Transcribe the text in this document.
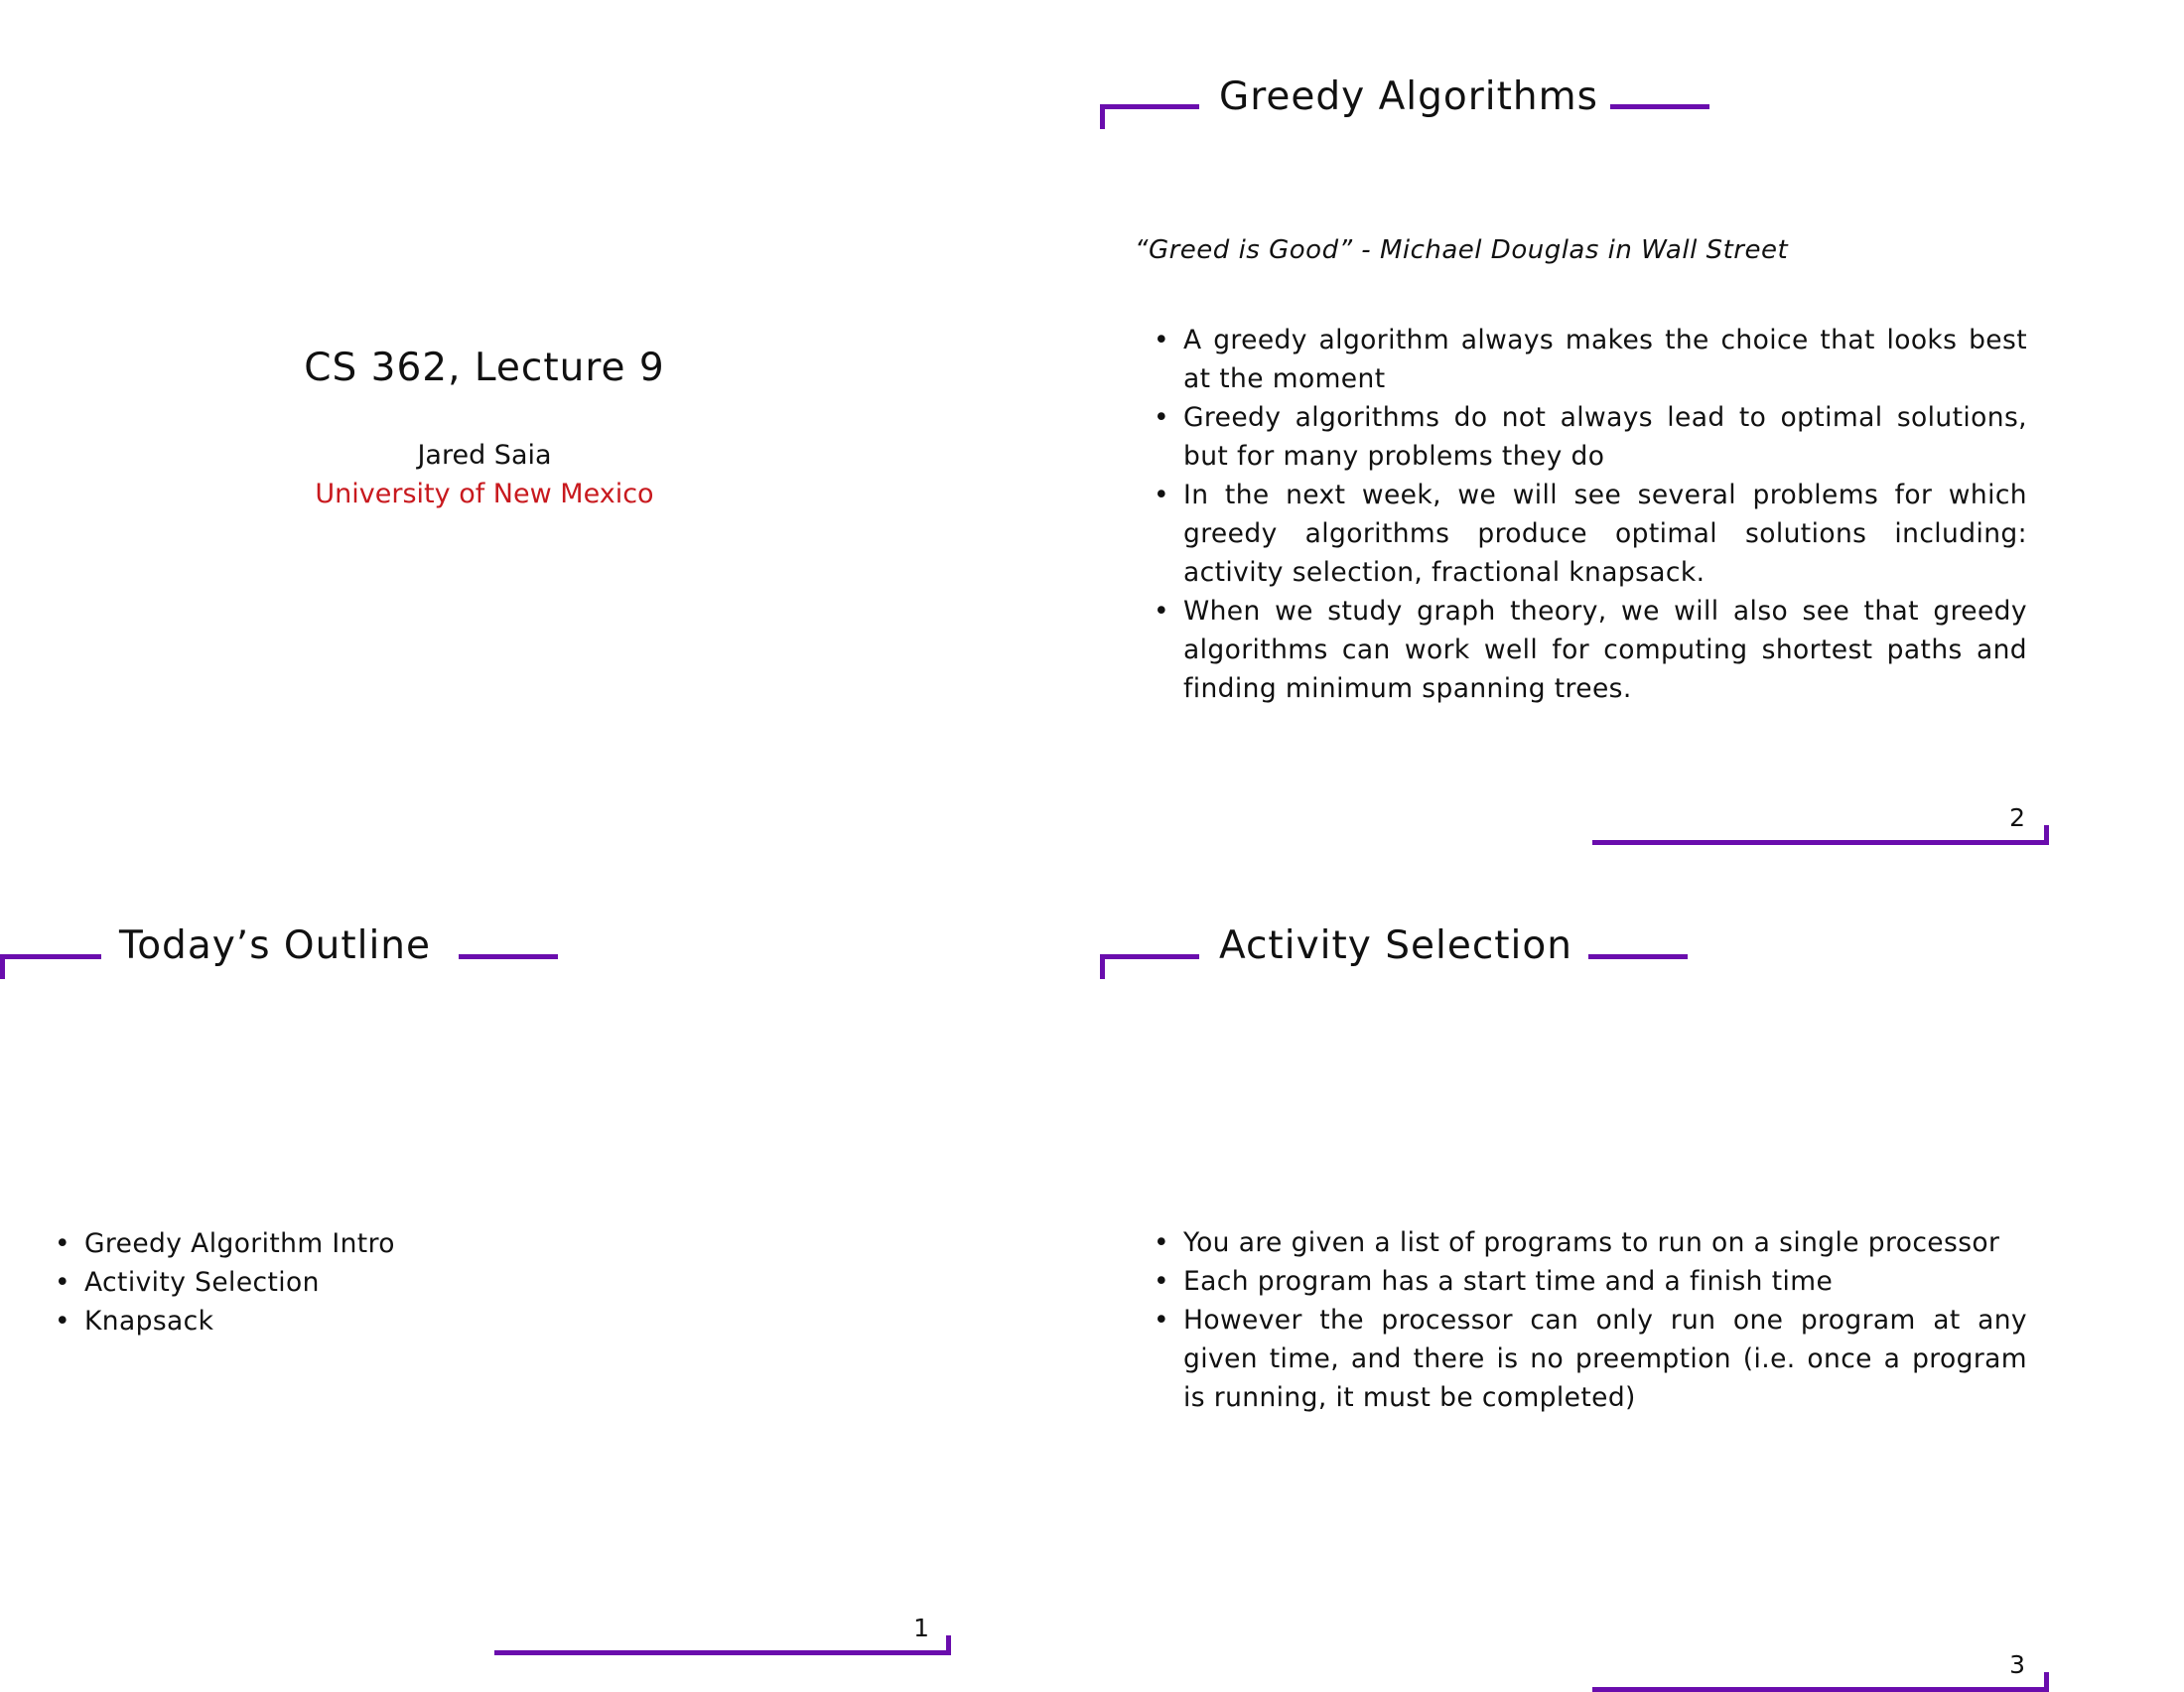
CS 362, Lecture 9
Jared Saia
University of New Mexico
Greedy Algorithms
“Greed is Good” - Michael Douglas in Wall Street
• A greedy algorithm always makes the choice that looks best at the moment
• Greedy algorithms do not always lead to optimal solutions, but for many problems they do
• In the next week, we will see several problems for which greedy algorithms produce optimal solutions including: activity selection, fractional knapsack.
• When we study graph theory, we will also see that greedy algorithms can work well for computing shortest paths and finding minimum spanning trees.
2
Today’s Outline
• Greedy Algorithm Intro
• Activity Selection
• Knapsack
1
Activity Selection
• You are given a list of programs to run on a single processor
• Each program has a start time and a finish time
• However the processor can only run one program at any given time, and there is no preemption (i.e. once a program is running, it must be completed)
3
